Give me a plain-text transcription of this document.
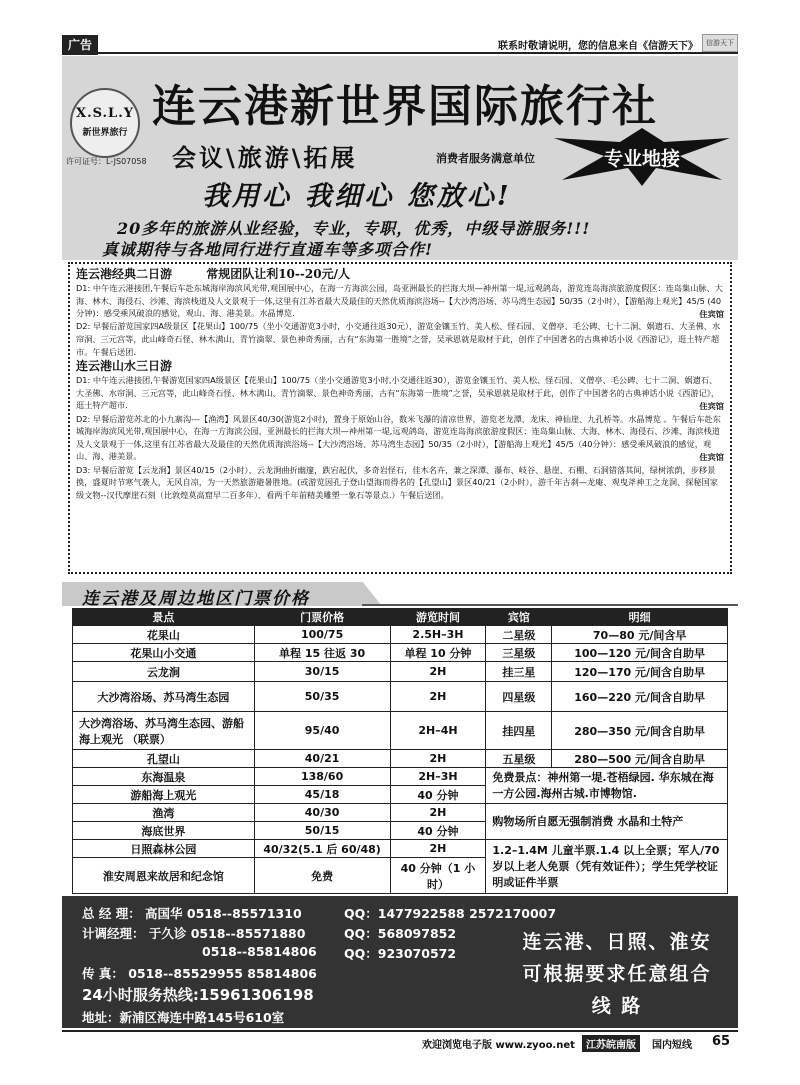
广告	联系时敬请说明，您的信息来自《信游天下》	信游天下
X.S.L.Y
新世界旅行
许可证号：L-JS07058
连云港新世界国际旅行社
会议\旅游\拓展	消费者服务满意单位	专业地接
我用心 我细心 您放心!
20多年的旅游从业经验，专业，专职，优秀，中级导游服务!!!
真诚期待与各地同行进行直通车等多项合作!
连云港经典二日游	常规团队让利10--20元/人
D1: 中午连云港接团,午餐后车赴东城海岸海滨风光带,观国展中心，在海一方海滨公园，岛亚洲最长的拦海大坝—神州第一堤,远观鸽岛，游览连岛海滨旅游度假区：连岛集山脉、大海、林木、海侵石、沙滩、海滨栈道及人文景观于一体,这里有江苏省最大及最佳的天然优质海滨浴场--【大沙湾浴场、苏马湾生态园】50/35（2小时），【游船海上观光】45/5 (40分钟)：感受乘风破浪的感觉，观山、海、港美景。水晶博览.	住宾馆
D2: 早餐后游览国家四A级景区【花果山】100/75（坐小交通游览3小时，小交通往返30元），游览金镶玉竹、美人松、怪石园、义僧亭、毛公碑、七十二洞、娲遗石、大圣佛、水帘洞、三元宫等，此山峰奇石怪、林木满山、青竹滴翠、景色神奇秀丽，古有“东海第一胜境”之誉，吴承恩就是取材于此，创作了中国著名的古典神话小说《西游记》，逛土特产超市。午餐后送团.
连云港山水三日游
D1: 中午连云港接团,午餐游览国家四A级景区【花果山】100/75（坐小交通游览3小时,小交通往返30），游览金镶玉竹、美人松、怪石园、义僧亭、毛公碑、七十二洞、娲遗石、大圣佛、水帘洞、三元宫等，此山峰奇石怪、林木满山、青竹滴翠、景色神奇秀丽，古有“东海第一胜境”之誉，吴承恩就是取材于此，创作了中国著名的古典神话小说《西游记》，逛土特产超市.	住宾馆
D2: 早餐后游览苏北的小九寨沟---【渔湾】风景区40/30(游览2小时)，置身于原始山谷，数米飞瀑的清凉世界，游览老龙潭、龙床、神仙崖、九孔桥等。水晶博览 。午餐后车赴东城海岸海滨风光带,观国展中心，在海一方海滨公园，亚洲最长的拦海大坝—神州第一堤,远观鸽岛，游览连岛海滨旅游度假区：连岛集山脉、大海、林木、海侵石、沙滩、海滨栈道及人文景观于一体,这里有江苏省最大及最佳的天然优质海滨浴场--【大沙湾浴场、苏马湾生态园】50/35（2小时），【游船海上观光】45/5（40分钟）：感受乘风破浪的感觉，观山、海、港美景。	住宾馆
D3: 早餐后游览【云龙涧】景区40/15（2小时），云龙涧曲折幽邃，跌宕起伏，多奇岩怪石，佳木名卉，兼之深潭、瀑布、岐谷、悬崖、石棚、石洞错落其间，绿树浓荫，步移景换，盛夏时节寒气袭人，无风自凉，为一天然旅游避暑胜地。(或游览因孔子登山望海而得名的【孔望山】景区40/21（2小时），游千年古刹—龙庵、观曳斧神工之龙洞、探秘国家级文物--汉代摩崖石刻（比敦煌莫高窟早二百多年）、看两千年前精美雕塑一象石等景点.）午餐后送团。
连云港及周边地区门票价格
景点	门票价格	游览时间	宾馆	明细
花果山	100/75	2.5H–3H	二星级	70—80 元/间含早
花果山小交通	单程 15 往返 30	单程 10 分钟	三星级	100—120 元/间含自助早
云龙涧	30/15	2H	挂三星	120—170 元/间含自助早
大沙湾浴场、苏马湾生态园	50/35	2H	四星级	160—220 元/间含自助早
大沙湾浴场、苏马湾生态园、游船海上观光 （联票）	95/40	2H–4H	挂四星	280—350 元/间含自助早
孔望山	40/21	2H	五星级	280—500 元/间含自助早
东海温泉	138/60	2H–3H	免费景点：神州第一堤.苍梧绿园. 华东城在海一方公园.海州古城.市博物馆.	
游船海上观光	45/18	40 分钟		
渔湾	40/30	2H	购物场所自愿无强制消费 水晶和土特产	
海底世界	50/15	40 分钟		
日照森林公园	40/32(5.1 后 60/48)	2H	1.2–1.4M 儿童半票.1.4 以上全票；军人/70 岁以上老人免票（凭有效证件）；学生凭学校证明或证件半票	
淮安周恩来故居和纪念馆	免费	40 分钟（1 小时）		
总 经 理： 高国华 0518--85571310
计调经理： 于久诊 0518--85571880
0518--85814806
传 真： 0518--85529955 85814806
24小时服务热线:15961306198
地址：新浦区海连中路145号610室
QQ：1477922588 2572170007
QQ：568097852
QQ：923070572
连云港、日照、淮安
可根据要求任意组合
线 路
欢迎浏览电子版 www.zyoo.net	江苏皖南版	国内短线 65
